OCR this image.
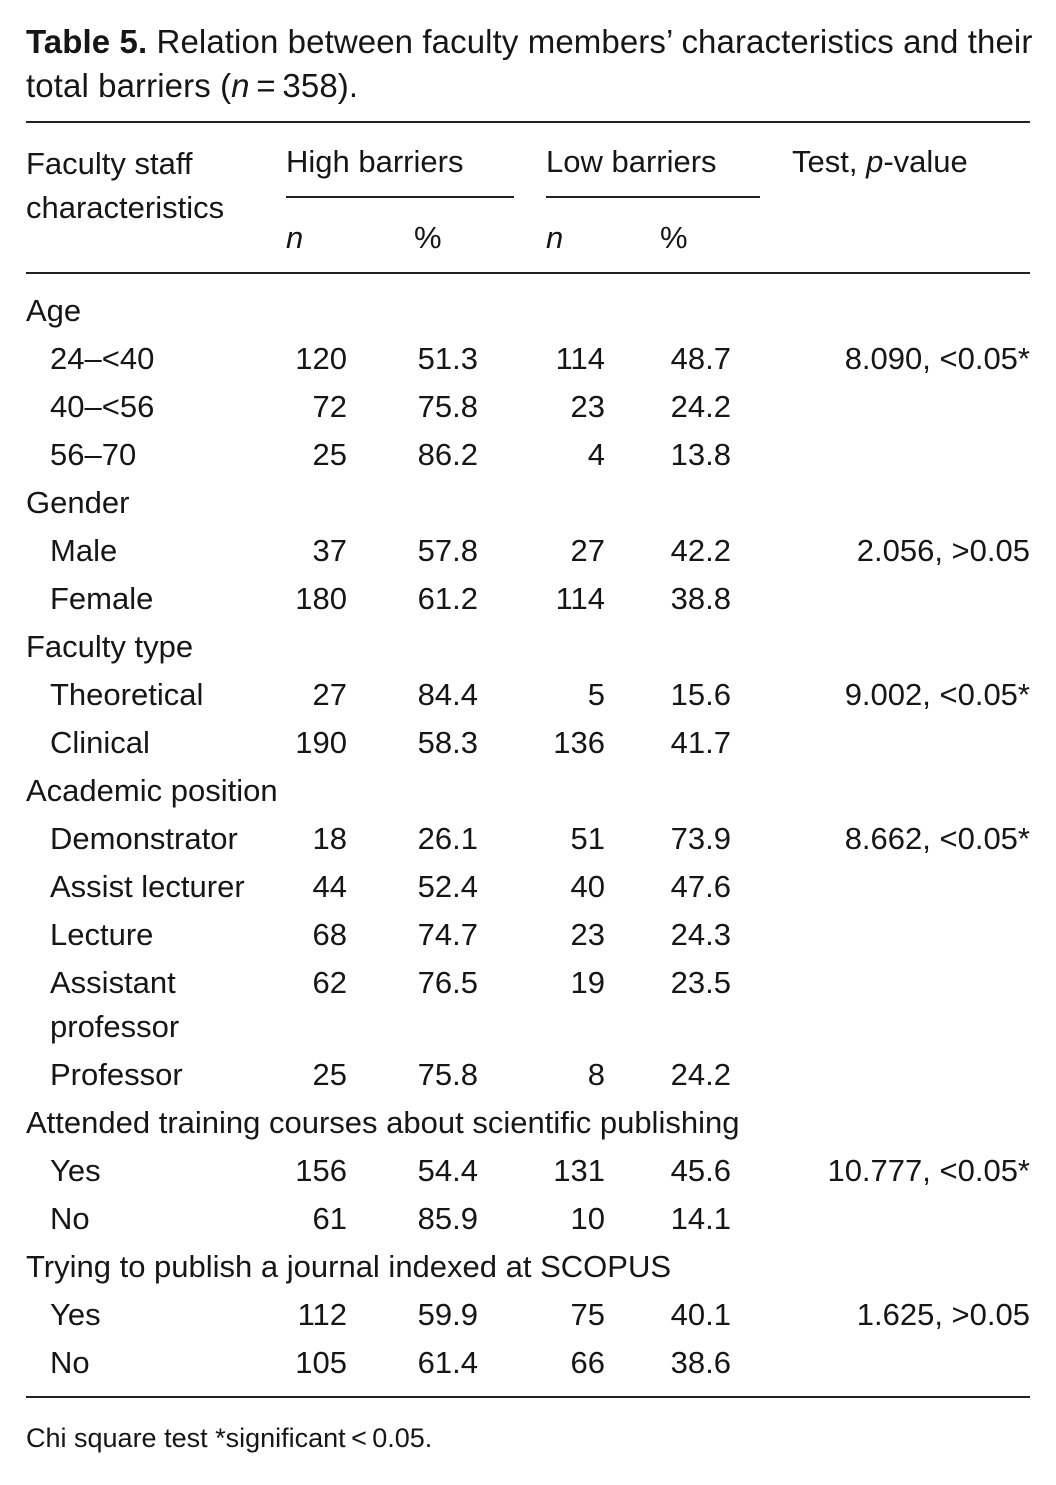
Table 5. Relation between faculty members’ characteristics and their total barriers (n = 358).
Faculty staff
characteristics
High barriers	Low barriers Test, p-value
n	%	n	%
Age
24–<40	120 51.3	114 48.7	8.090, <0.05*
40–<56	72 75.8	23 24.2
56–70	25 86.2	4 13.8
Gender
Male	37 57.8	27 42.2	2.056, >0.05
Female	180 61.2	114 38.8
Faculty type
Theoretical	27 84.4	5 15.6	9.002, <0.05*
Clinical	190 58.3 136 41.7
Academic position
Demonstrator 18 26.1	51 73.9	8.662, <0.05*
Assist lecturer 44 52.4	40 47.6
Lecture	68 74.7	23 24.3
Assistant	62 76.5	19 23.5
professor
Professor	25 75.8	8 24.2
Attended training courses about scientific publishing
Yes	156 54.4 131 45.6	10.777, <0.05*
No	61 85.9	10 14.1
Trying to publish a journal indexed at SCOPUS
Yes	112 59.9	75 40.1	1.625, >0.05
No	105 61.4	66 38.6
Chi square test *significant < 0.05.
